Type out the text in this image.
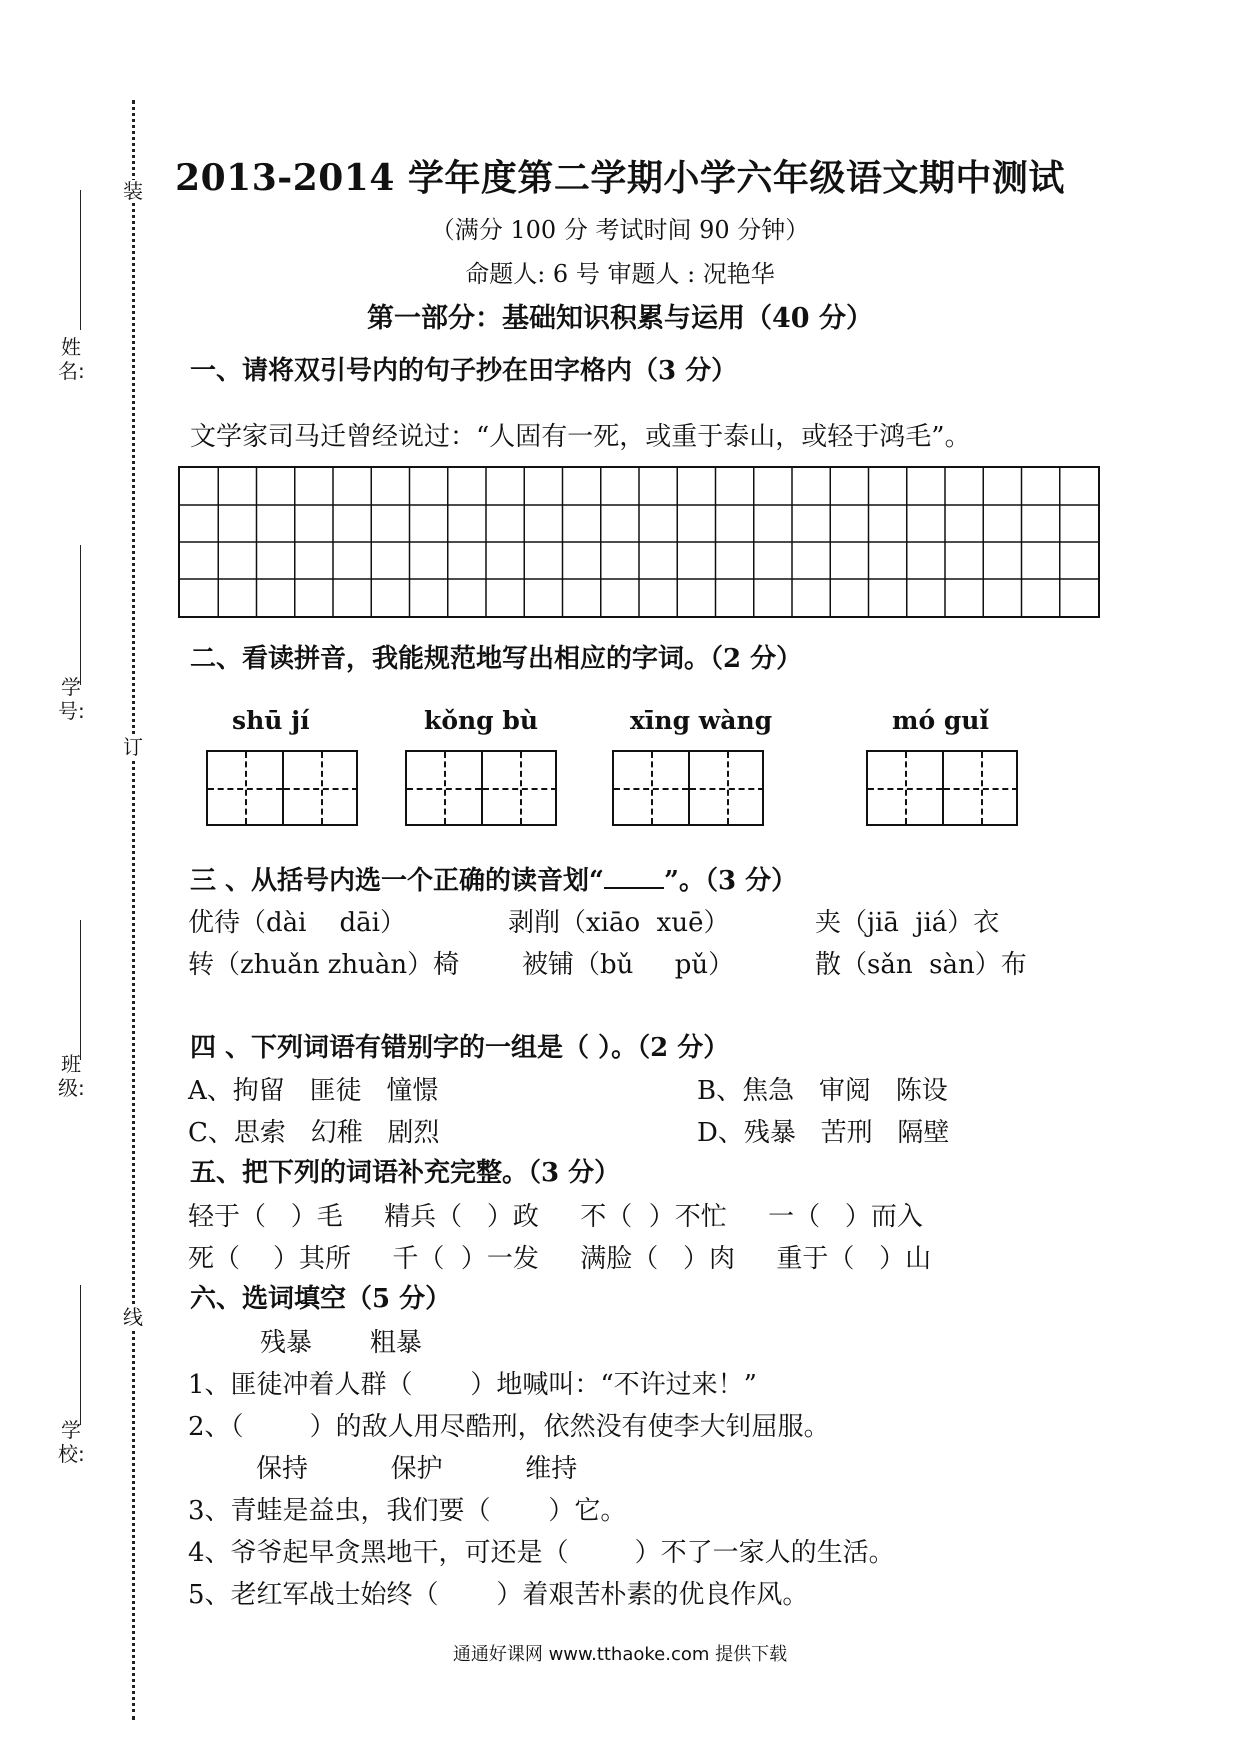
装
订
线
姓名:
学号:
班级:
学校:
2013-2014 学年度第二学期小学六年级语文期中测试
（满分 100 分 考试时间 90 分钟）
命题人: 6 号 审题人 : 况艳华
第一部分：基础知识积累与运用（40 分）
一、请将双引号内的句子抄在田字格内（3 分）
文学家司马迁曾经说过：“人固有一死，或重于泰山，或轻于鸿毛”。
二、看读拼音，我能规范地写出相应的字词。（2 分）
shū jí	kǒng bù	xīng wàng	mó guǐ
三 、从括号内选一个正确的读音划“ ”。（3 分）
优待（dài    dāi）	剥削（xiāo  xuē）	夹（jiā  jiá）衣
转（zhuǎn zhuàn）椅 被铺（bǔ     pǔ）	散（sǎn  sàn）布
四 、下列词语有错别字的一组是（ ）。（2 分）
A、拘留   匪徒   憧憬	B、焦急   审阅   陈设
C、思索   幻稚   剧烈	D、残暴   苦刑   隔壁
五、把下列的词语补充完整。（3 分）
轻于（   ）毛     精兵（   ）政     不（  ）不忙     一（   ）而入
死（    ）其所     千（  ）一发     满脸（   ）肉     重于（   ）山
六、选词填空（5 分）
残暴       粗暴
1、匪徒冲着人群（       ）地喊叫：“不许过来！”
2、（        ）的敌人用尽酷刑，依然没有使李大钊屈服。
保持          保护          维持
3、青蛙是益虫，我们要（       ）它。
4、爷爷起早贪黑地干，可还是（        ）不了一家人的生活。
5、老红军战士始终（       ）着艰苦朴素的优良作风。
通通好课网 www.tthaoke.com 提供下载
